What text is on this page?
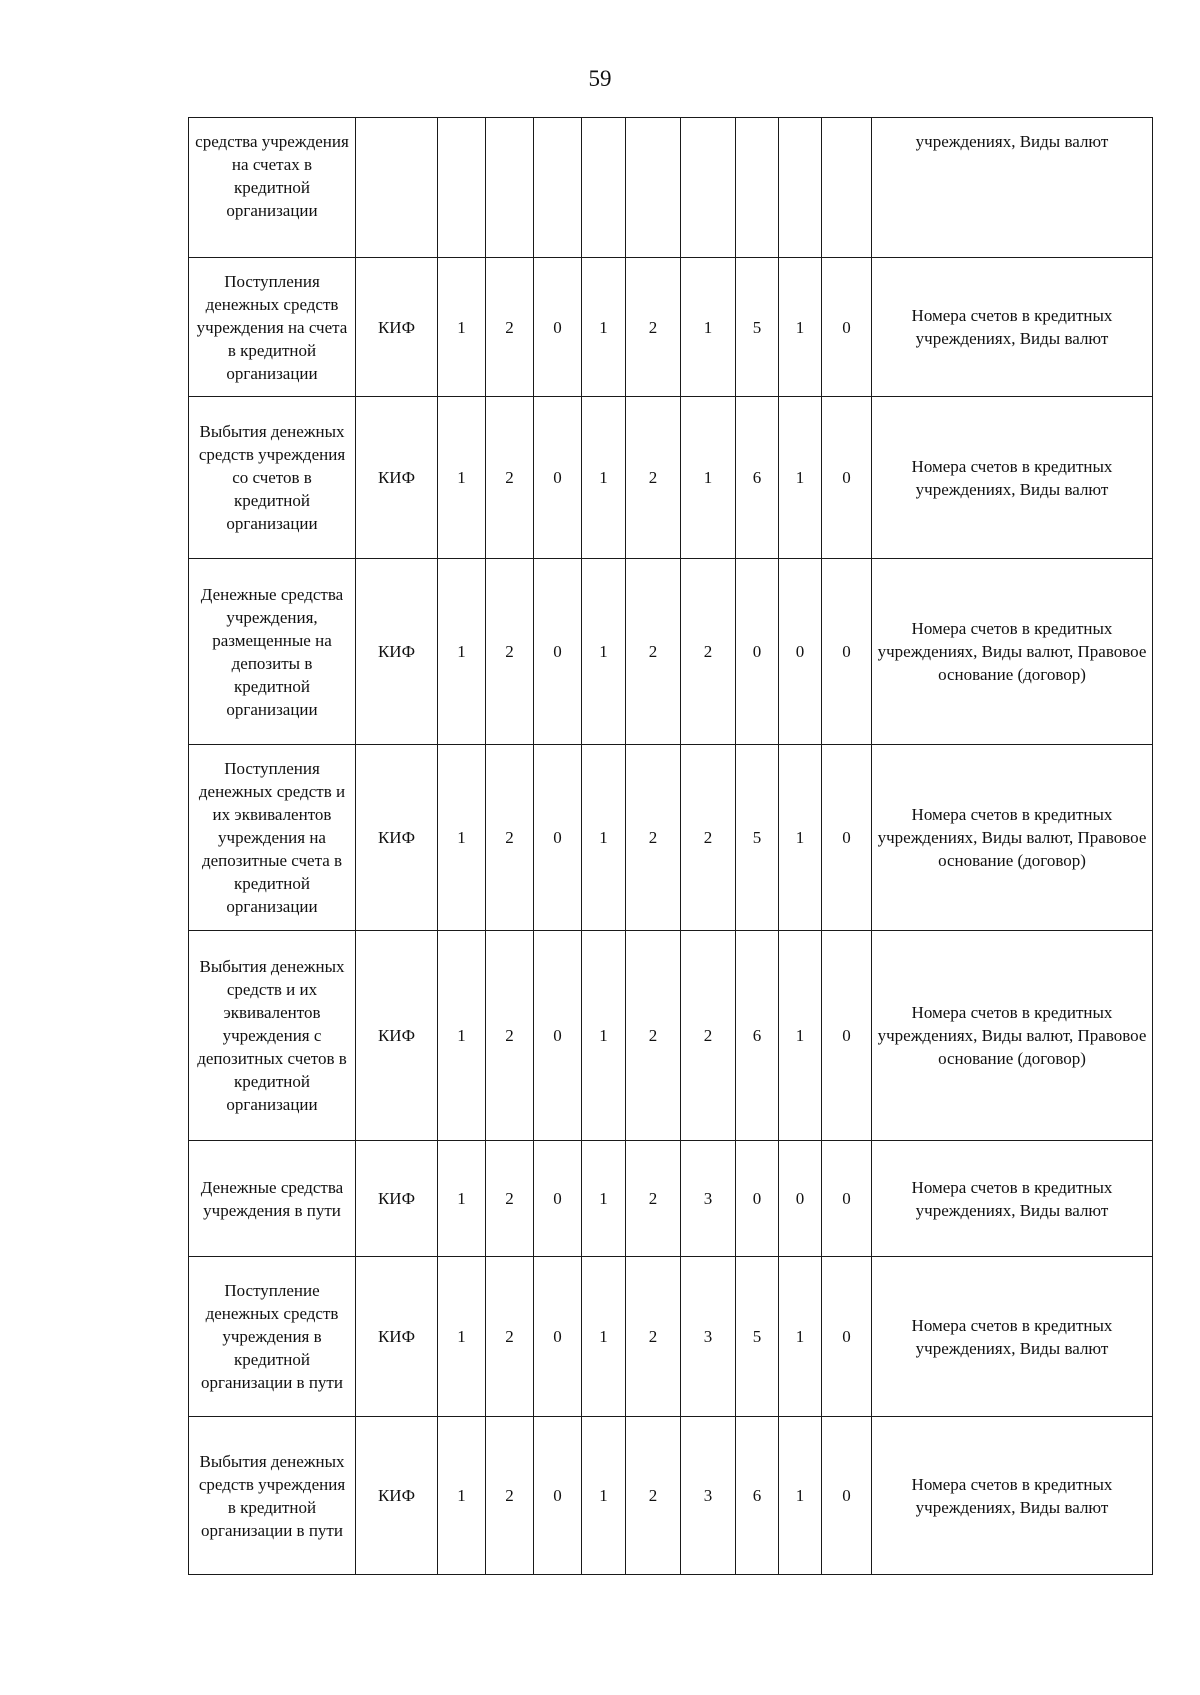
59
средства учреждения на счетах в кредитной организации											учреждениях, Виды валют
Поступления денежных средств учреждения на счета в кредитной организации	КИФ	1	2	0	1	2	1	5	1	0	Номера счетов в кредитных учреждениях, Виды валют
Выбытия денежных средств учреждения со счетов в кредитной организации	КИФ	1	2	0	1	2	1	6	1	0	Номера счетов в кредитных учреждениях, Виды валют
Денежные средства учреждения, размещенные на депозиты в кредитной организации	КИФ	1	2	0	1	2	2	0	0	0	Номера счетов в кредитных учреждениях, Виды валют, Правовое основание (договор)
Поступления денежных средств и их эквивалентов учреждения на депозитные счета в кредитной организации	КИФ	1	2	0	1	2	2	5	1	0	Номера счетов в кредитных учреждениях, Виды валют, Правовое основание (договор)
Выбытия денежных средств и их эквивалентов учреждения с депозитных счетов в кредитной организации	КИФ	1	2	0	1	2	2	6	1	0	Номера счетов в кредитных учреждениях, Виды валют, Правовое основание (договор)
Денежные средства учреждения в пути	КИФ	1	2	0	1	2	3	0	0	0	Номера счетов в кредитных учреждениях, Виды валют
Поступление денежных средств учреждения в кредитной организации в пути	КИФ	1	2	0	1	2	3	5	1	0	Номера счетов в кредитных учреждениях, Виды валют
Выбытия денежных средств учреждения в кредитной организации в пути	КИФ	1	2	0	1	2	3	6	1	0	Номера счетов в кредитных учреждениях, Виды валют
